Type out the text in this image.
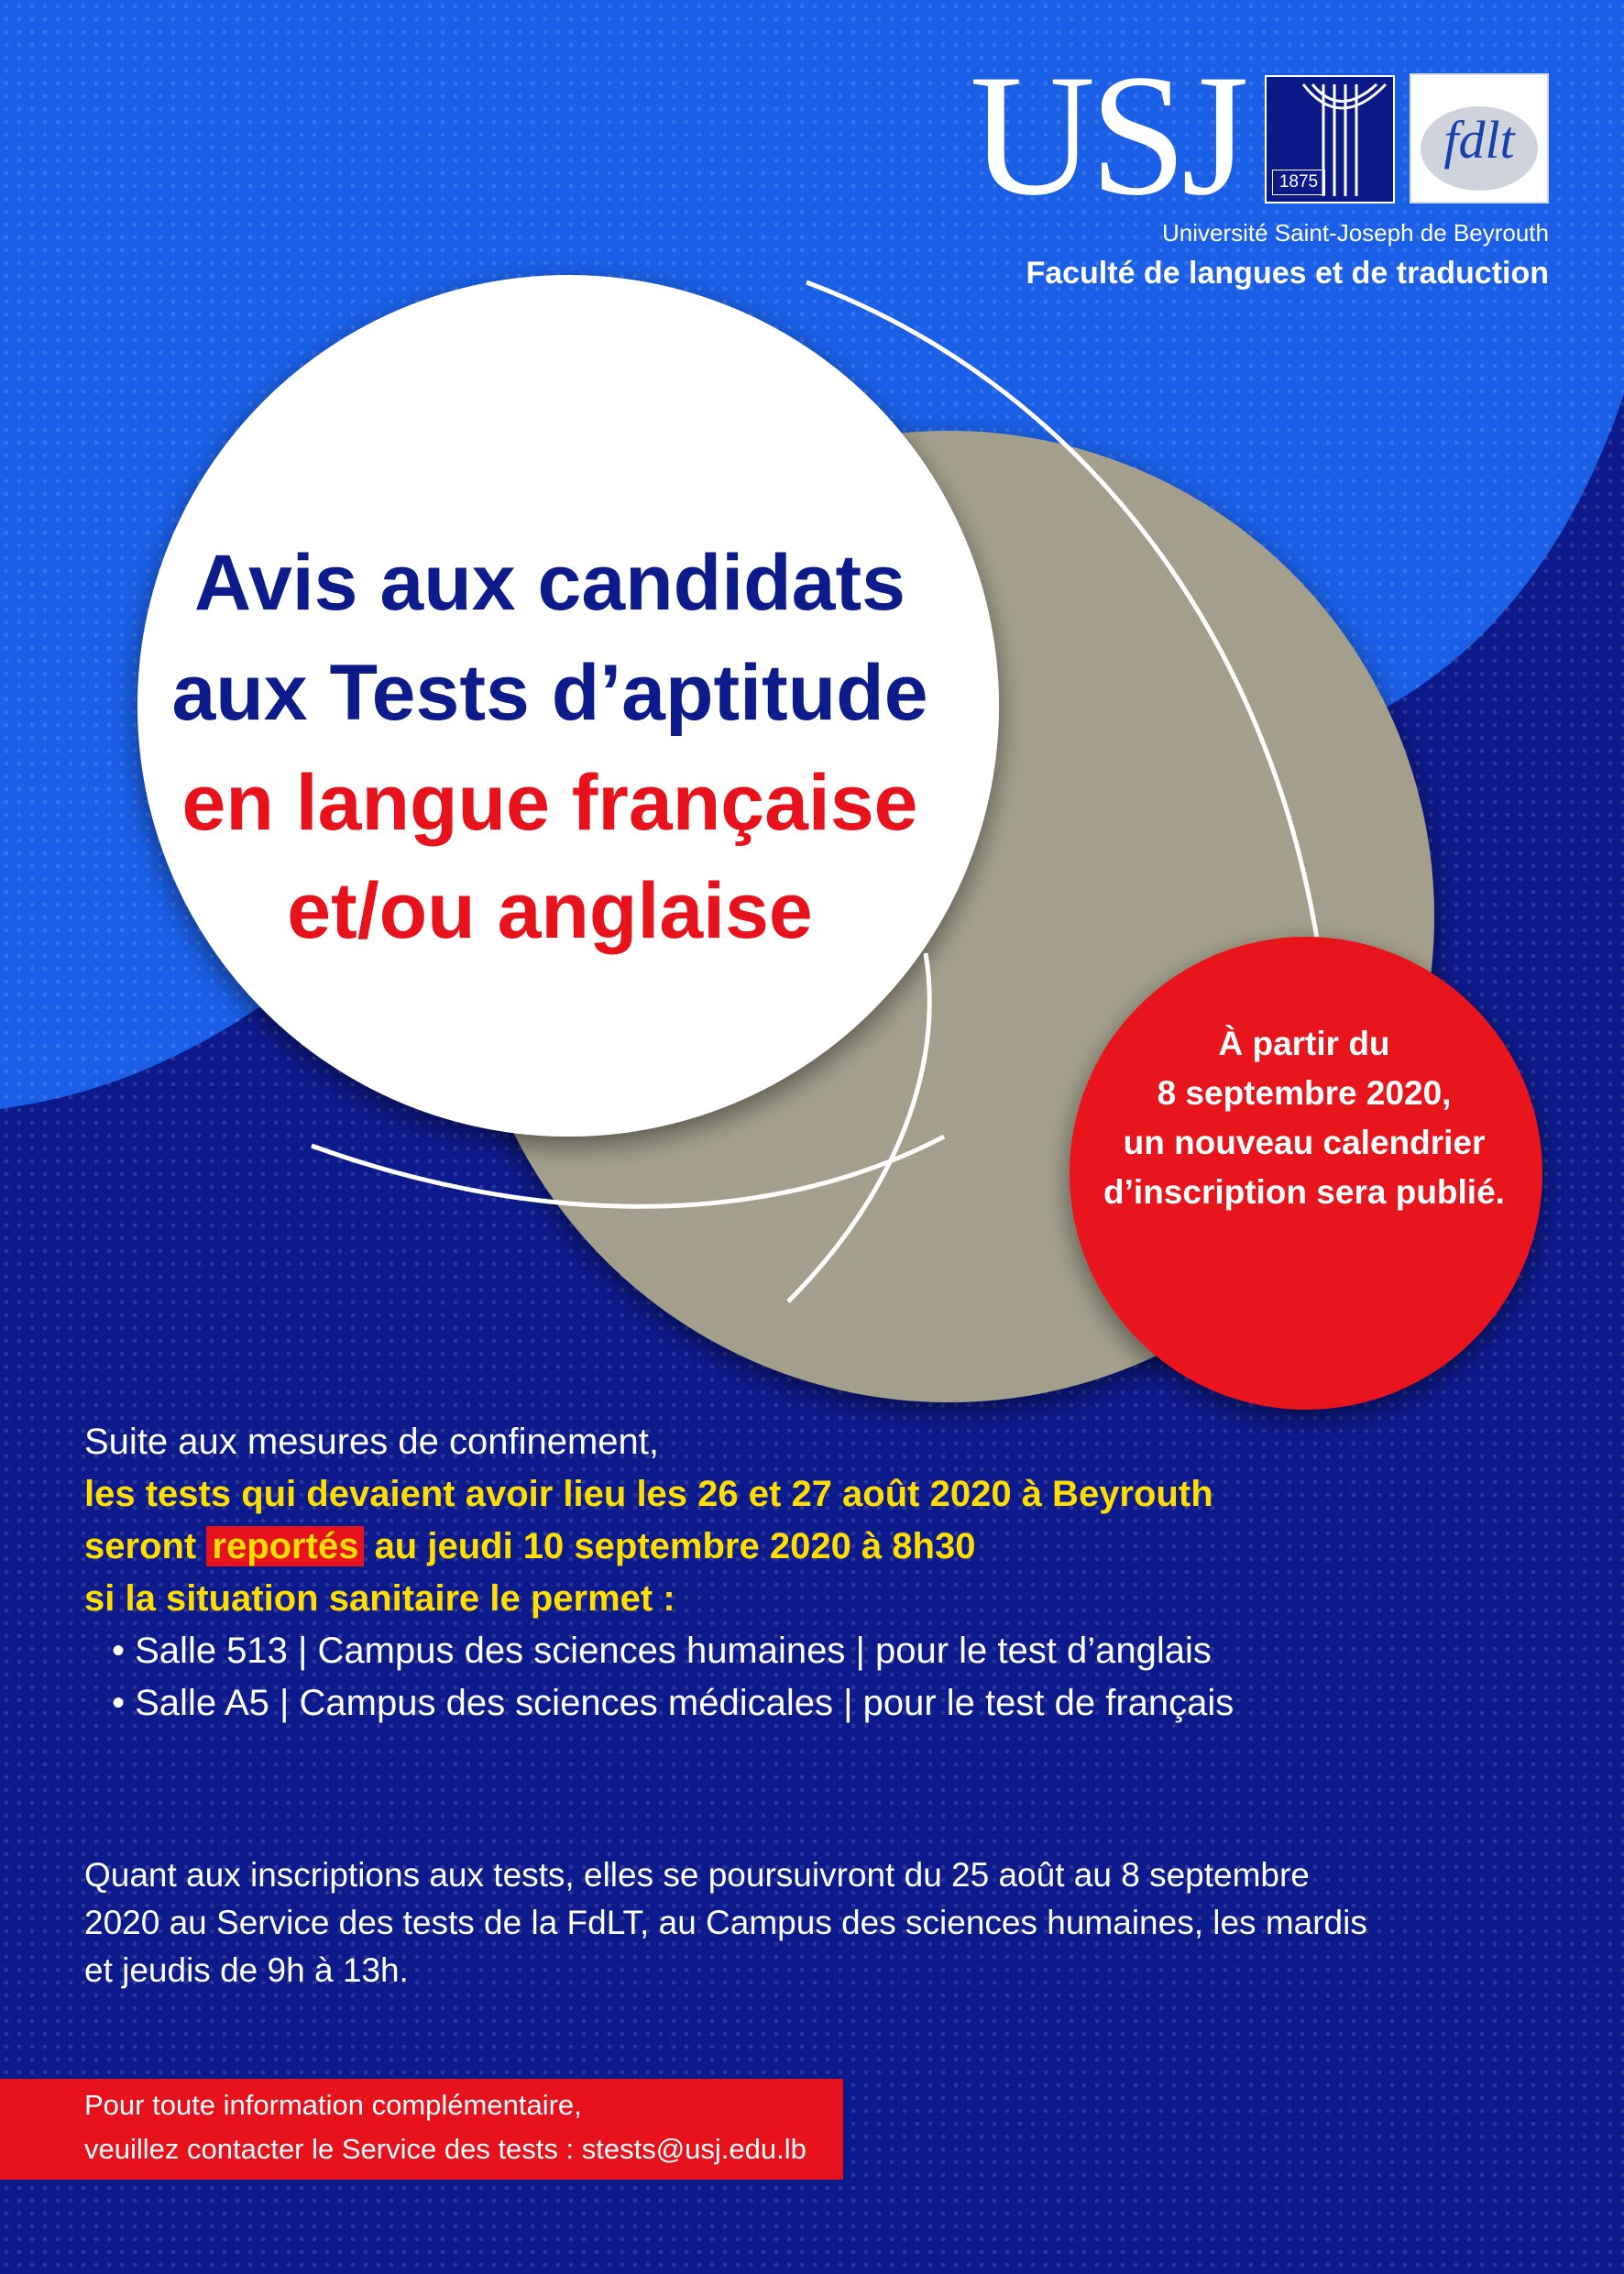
USJ	1875
fdlt
Université Saint-Joseph de Beyrouth
Faculté de langues et de traduction
Avis aux candidats
aux Tests d’aptitude
en langue française
et/ou anglaise
À partir du
8 septembre 2020,
un nouveau calendrier
d’inscription sera publié.
Suite aux mesures de confinement,
les tests qui devaient avoir lieu les 26 et 27 août 2020 à Beyrouth
seront reportés au jeudi 10 septembre 2020 à 8h30
si la situation sanitaire le permet :
• Salle 513 | Campus des sciences humaines | pour le test d’anglais
• Salle A5 | Campus des sciences médicales | pour le test de français
Quant aux inscriptions aux tests, elles se poursuivront du 25 août au 8 septembre
2020 au Service des tests de la FdLT, au Campus des sciences humaines, les mardis
et jeudis de 9h à 13h.
Pour toute information complémentaire,
veuillez contacter le Service des tests : stests@usj.edu.lb
